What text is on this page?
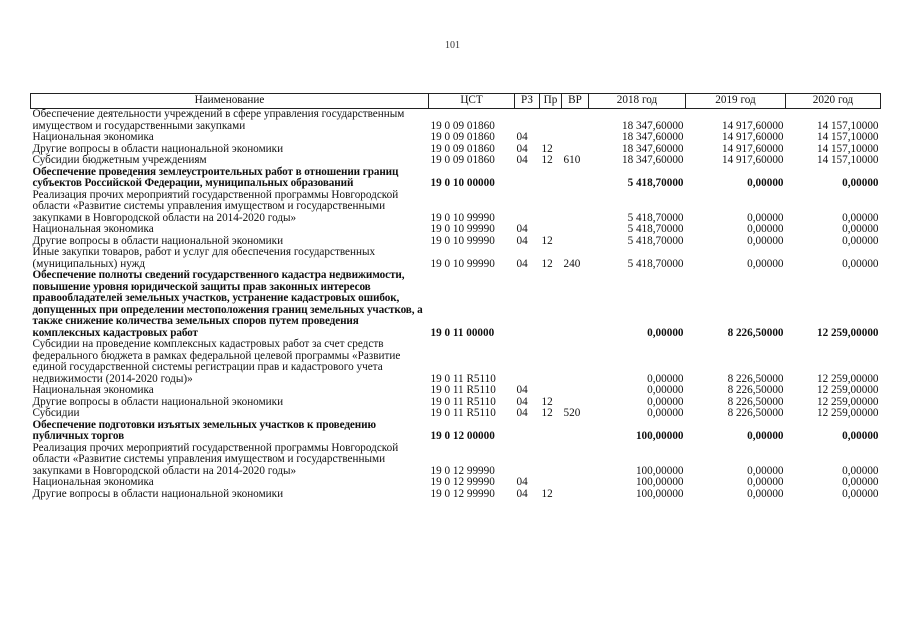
101
Наименование	ЦСТ	РЗ	Пр	ВР	2018 год	2019 год	2020 год
Обеспечение деятельности учреждений в сфере управления государственным имуществом и государственными закупками	19 0 09 01860				18 347,60000	14 917,60000	14 157,10000
Национальная экономика	19 0 09 01860	04			18 347,60000	14 917,60000	14 157,10000
Другие вопросы в области национальной экономики	19 0 09 01860	04	12		18 347,60000	14 917,60000	14 157,10000
Субсидии бюджетным учреждениям	19 0 09 01860	04	12	610	18 347,60000	14 917,60000	14 157,10000
Обеспечение проведения землеустроительных работ в отношении границ субъектов Российской Федерации, муниципальных образований	19 0 10 00000				5 418,70000	0,00000	0,00000
Реализация прочих мероприятий государственной программы Новгородской области «Развитие системы управления имуществом и государственными закупками в Новгородской области на 2014-2020 годы»	19 0 10 99990				5 418,70000	0,00000	0,00000
Национальная экономика	19 0 10 99990	04			5 418,70000	0,00000	0,00000
Другие вопросы в области национальной экономики	19 0 10 99990	04	12		5 418,70000	0,00000	0,00000
Иные закупки товаров, работ и услуг для обеспечения государственных (муниципальных) нужд	19 0 10 99990	04	12	240	5 418,70000	0,00000	0,00000
Обеспечение полноты сведений государственного кадастра недвижимости, повышение уровня юридической защиты прав законных интересов правообладателей земельных участков, устранение кадастровых ошибок, допущенных при определении местоположения границ земельных участков, а также снижение количества земельных споров путем проведения комплексных кадастровых работ	19 0 11 00000				0,00000	8 226,50000	12 259,00000
Субсидии на проведение комплексных кадастровых работ за счет средств федерального бюджета в рамках федеральной целевой программы «Развитие единой государственной системы регистрации прав и кадастрового учета недвижимости (2014-2020 годы)»	19 0 11 R5110				0,00000	8 226,50000	12 259,00000
Национальная экономика	19 0 11 R5110	04			0,00000	8 226,50000	12 259,00000
Другие вопросы в области национальной экономики	19 0 11 R5110	04	12		0,00000	8 226,50000	12 259,00000
Субсидии	19 0 11 R5110	04	12	520	0,00000	8 226,50000	12 259,00000
Обеспечение подготовки изъятых земельных участков к проведению публичных торгов	19 0 12 00000				100,00000	0,00000	0,00000
Реализация прочих мероприятий государственной программы Новгородской области «Развитие системы управления имуществом и государственными закупками в Новгородской области на 2014-2020 годы»	19 0 12 99990				100,00000	0,00000	0,00000
Национальная экономика	19 0 12 99990	04			100,00000	0,00000	0,00000
Другие вопросы в области национальной экономики	19 0 12 99990	04	12		100,00000	0,00000	0,00000
